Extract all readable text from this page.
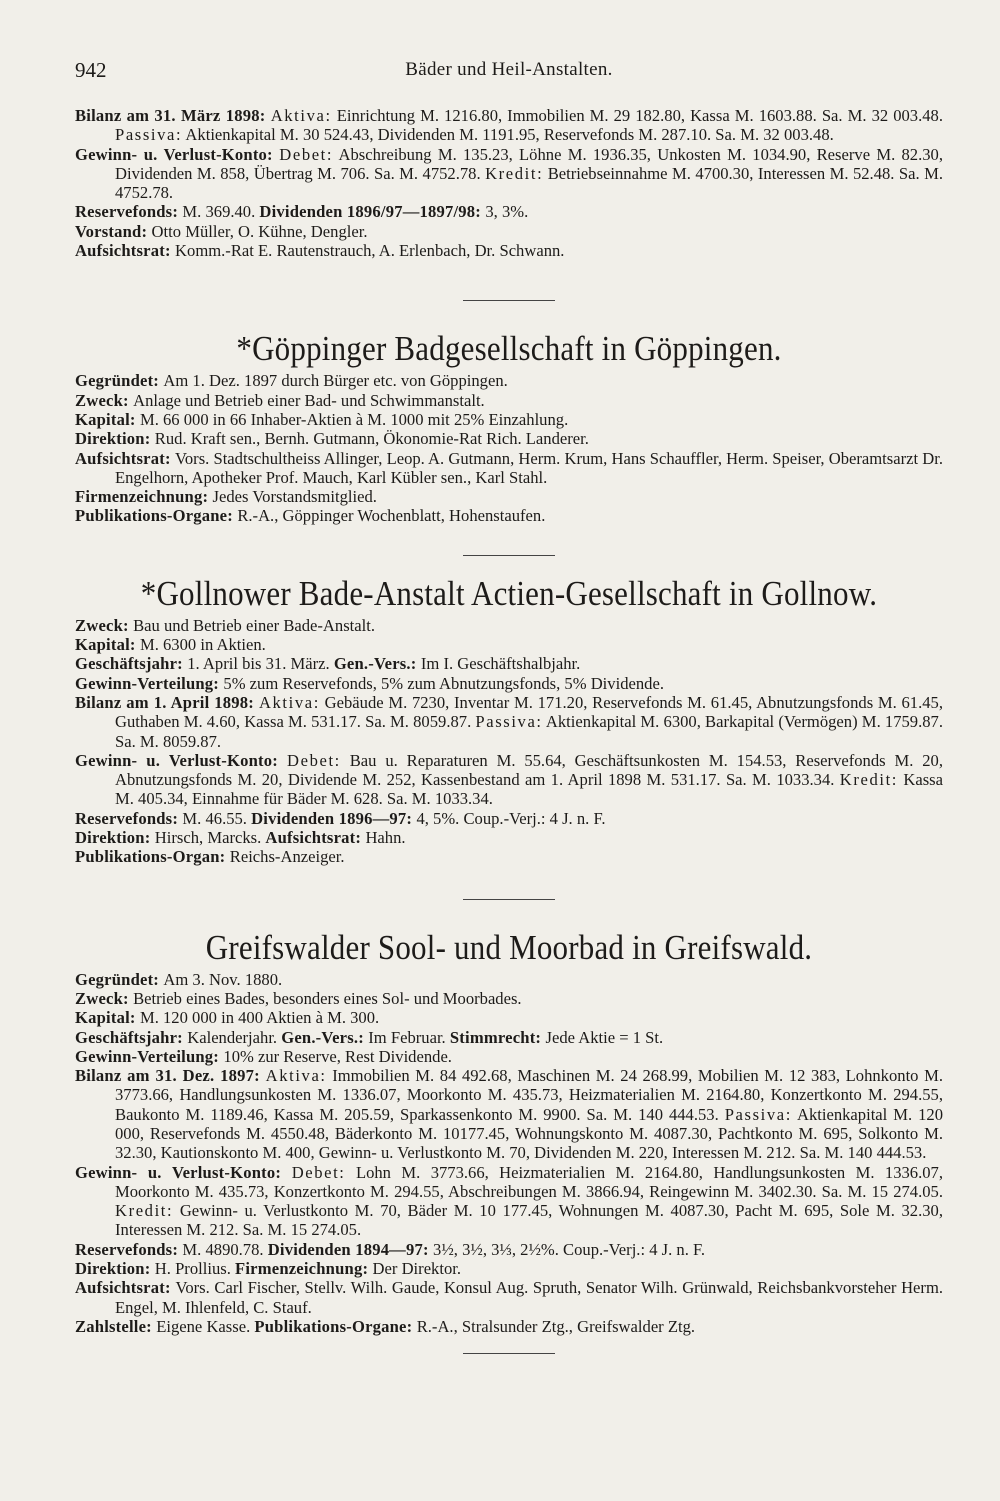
942	Bäder und Heil-Anstalten.

Bilanz am 31. März 1898: Aktiva: Einrichtung M. 1216.80, Immobilien M. 29 182.80, Kassa M. 1603.88. Sa. M. 32 003.48. Passiva: Aktienkapital M. 30 524.43, Dividenden M. 1191.95, Reservefonds M. 287.10. Sa. M. 32 003.48.

Gewinn- u. Verlust-Konto: Debet: Abschreibung M. 135.23, Löhne M. 1936.35, Unkosten M. 1034.90, Reserve M. 82.30, Dividenden M. 858, Übertrag M. 706. Sa. M. 4752.78. Kredit: Betriebseinnahme M. 4700.30, Interessen M. 52.48. Sa. M. 4752.78.

Reservefonds: M. 369.40. Dividenden 1896/97—1897/98: 3, 3%.

Vorstand: Otto Müller, O. Kühne, Dengler.

Aufsichtsrat: Komm.-Rat E. Rautenstrauch, A. Erlenbach, Dr. Schwann.

*Göppinger Badgesellschaft in Göppingen.

Gegründet: Am 1. Dez. 1897 durch Bürger etc. von Göppingen.

Zweck: Anlage und Betrieb einer Bad- und Schwimmanstalt.

Kapital: M. 66 000 in 66 Inhaber-Aktien à M. 1000 mit 25% Einzahlung.

Direktion: Rud. Kraft sen., Bernh. Gutmann, Ökonomie-Rat Rich. Landerer.

Aufsichtsrat: Vors. Stadtschultheiss Allinger, Leop. A. Gutmann, Herm. Krum, Hans Schauffler, Herm. Speiser, Oberamtsarzt Dr. Engelhorn, Apotheker Prof. Mauch, Karl Kübler sen., Karl Stahl.

Firmenzeichnung: Jedes Vorstandsmitglied.

Publikations-Organe: R.-A., Göppinger Wochenblatt, Hohenstaufen.

*Gollnower Bade-Anstalt Actien-Gesellschaft in Gollnow.

Zweck: Bau und Betrieb einer Bade-Anstalt.

Kapital: M. 6300 in Aktien.

Geschäftsjahr: 1. April bis 31. März. Gen.-Vers.: Im I. Geschäftshalbjahr.

Gewinn-Verteilung: 5% zum Reservefonds, 5% zum Abnutzungsfonds, 5% Dividende.

Bilanz am 1. April 1898: Aktiva: Gebäude M. 7230, Inventar M. 171.20, Reservefonds M. 61.45, Abnutzungsfonds M. 61.45, Guthaben M. 4.60, Kassa M. 531.17. Sa. M. 8059.87. Passiva: Aktienkapital M. 6300, Barkapital (Vermögen) M. 1759.87. Sa. M. 8059.87.

Gewinn- u. Verlust-Konto: Debet: Bau u. Reparaturen M. 55.64, Geschäftsunkosten M. 154.53, Reservefonds M. 20, Abnutzungsfonds M. 20, Dividende M. 252, Kassenbestand am 1. April 1898 M. 531.17. Sa. M. 1033.34. Kredit: Kassa M. 405.34, Einnahme für Bäder M. 628. Sa. M. 1033.34.

Reservefonds: M. 46.55. Dividenden 1896—97: 4, 5%. Coup.-Verj.: 4 J. n. F.

Direktion: Hirsch, Marcks. Aufsichtsrat: Hahn.

Publikations-Organ: Reichs-Anzeiger.

Greifswalder Sool- und Moorbad in Greifswald.

Gegründet: Am 3. Nov. 1880.

Zweck: Betrieb eines Bades, besonders eines Sol- und Moorbades.

Kapital: M. 120 000 in 400 Aktien à M. 300.

Geschäftsjahr: Kalenderjahr. Gen.-Vers.: Im Februar. Stimmrecht: Jede Aktie = 1 St.

Gewinn-Verteilung: 10% zur Reserve, Rest Dividende.

Bilanz am 31. Dez. 1897: Aktiva: Immobilien M. 84 492.68, Maschinen M. 24 268.99, Mobilien M. 12 383, Lohnkonto M. 3773.66, Handlungsunkosten M. 1336.07, Moorkonto M. 435.73, Heizmaterialien M. 2164.80, Konzertkonto M. 294.55, Baukonto M. 1189.46, Kassa M. 205.59, Sparkassenkonto M. 9900. Sa. M. 140 444.53. Passiva: Aktienkapital M. 120 000, Reservefonds M. 4550.48, Bäderkonto M. 10177.45, Wohnungskonto M. 4087.30, Pachtkonto M. 695, Solkonto M. 32.30, Kautionskonto M. 400, Gewinn- u. Verlustkonto M. 70, Dividenden M. 220, Interessen M. 212. Sa. M. 140 444.53.

Gewinn- u. Verlust-Konto: Debet: Lohn M. 3773.66, Heizmaterialien M. 2164.80, Handlungsunkosten M. 1336.07, Moorkonto M. 435.73, Konzertkonto M. 294.55, Abschreibungen M. 3866.94, Reingewinn M. 3402.30. Sa. M. 15 274.05. Kredit: Gewinn- u. Verlustkonto M. 70, Bäder M. 10 177.45, Wohnungen M. 4087.30, Pacht M. 695, Sole M. 32.30, Interessen M. 212. Sa. M. 15 274.05.

Reservefonds: M. 4890.78. Dividenden 1894—97: 3½, 3½, 3⅓, 2½%. Coup.-Verj.: 4 J. n. F.

Direktion: H. Prollius. Firmenzeichnung: Der Direktor.

Aufsichtsrat: Vors. Carl Fischer, Stellv. Wilh. Gaude, Konsul Aug. Spruth, Senator Wilh. Grünwald, Reichsbankvorsteher Herm. Engel, M. Ihlenfeld, C. Stauf.

Zahlstelle: Eigene Kasse. Publikations-Organe: R.-A., Stralsunder Ztg., Greifswalder Ztg.
